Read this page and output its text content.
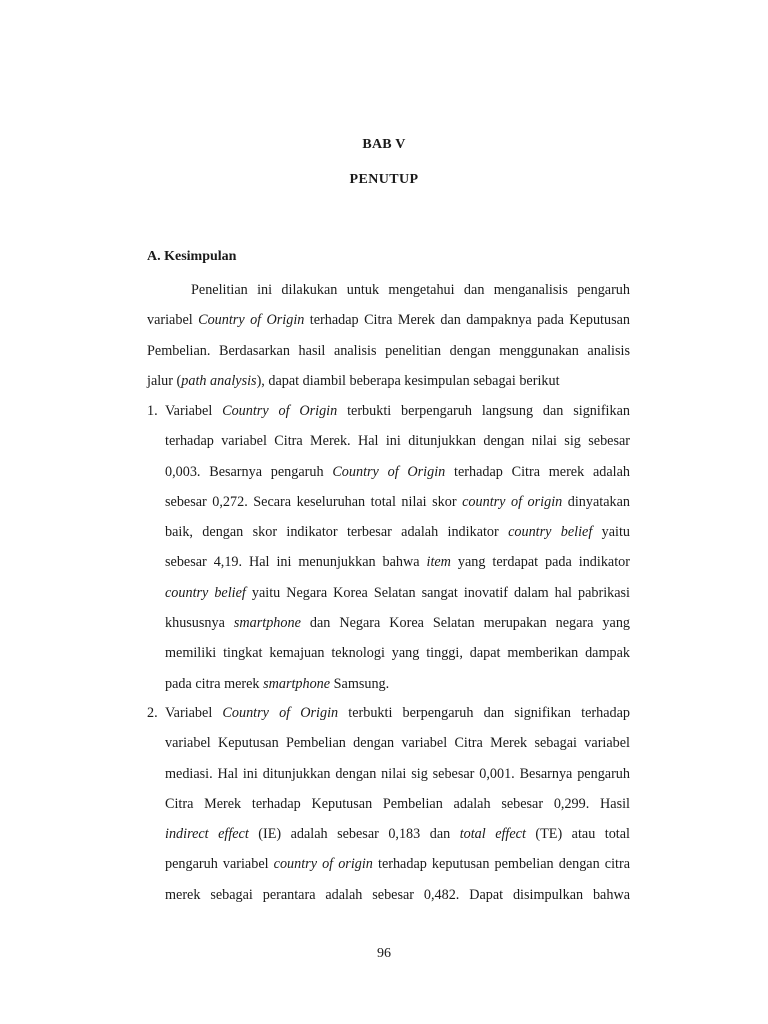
BAB V
PENUTUP
A. Kesimpulan
Penelitian ini dilakukan untuk mengetahui dan menganalisis pengaruh
variabel Country of Origin terhadap Citra Merek dan dampaknya pada Keputusan
Pembelian. Berdasarkan hasil analisis penelitian dengan menggunakan analisis
jalur (path analysis), dapat diambil beberapa kesimpulan sebagai berikut
1. Variabel Country of Origin terbukti berpengaruh langsung dan signifikan
terhadap variabel Citra Merek. Hal ini ditunjukkan dengan nilai sig sebesar
0,003. Besarnya pengaruh Country of Origin terhadap Citra merek adalah
sebesar 0,272. Secara keseluruhan total nilai skor country of origin dinyatakan
baik, dengan skor indikator terbesar adalah indikator country belief yaitu
sebesar 4,19. Hal ini menunjukkan bahwa item yang terdapat pada indikator
country belief yaitu Negara Korea Selatan sangat inovatif dalam hal pabrikasi
khususnya smartphone dan Negara Korea Selatan merupakan negara yang
memiliki tingkat kemajuan teknologi yang tinggi, dapat memberikan dampak
pada citra merek smartphone Samsung.
2. Variabel Country of Origin terbukti berpengaruh dan signifikan terhadap
variabel Keputusan Pembelian dengan variabel Citra Merek sebagai variabel
mediasi. Hal ini ditunjukkan dengan nilai sig sebesar 0,001. Besarnya pengaruh
Citra Merek terhadap Keputusan Pembelian adalah sebesar 0,299. Hasil
indirect effect (IE) adalah sebesar 0,183 dan total effect (TE) atau total
pengaruh variabel country of origin terhadap keputusan pembelian dengan citra
merek sebagai perantara adalah sebesar 0,482. Dapat disimpulkan bahwa
96
